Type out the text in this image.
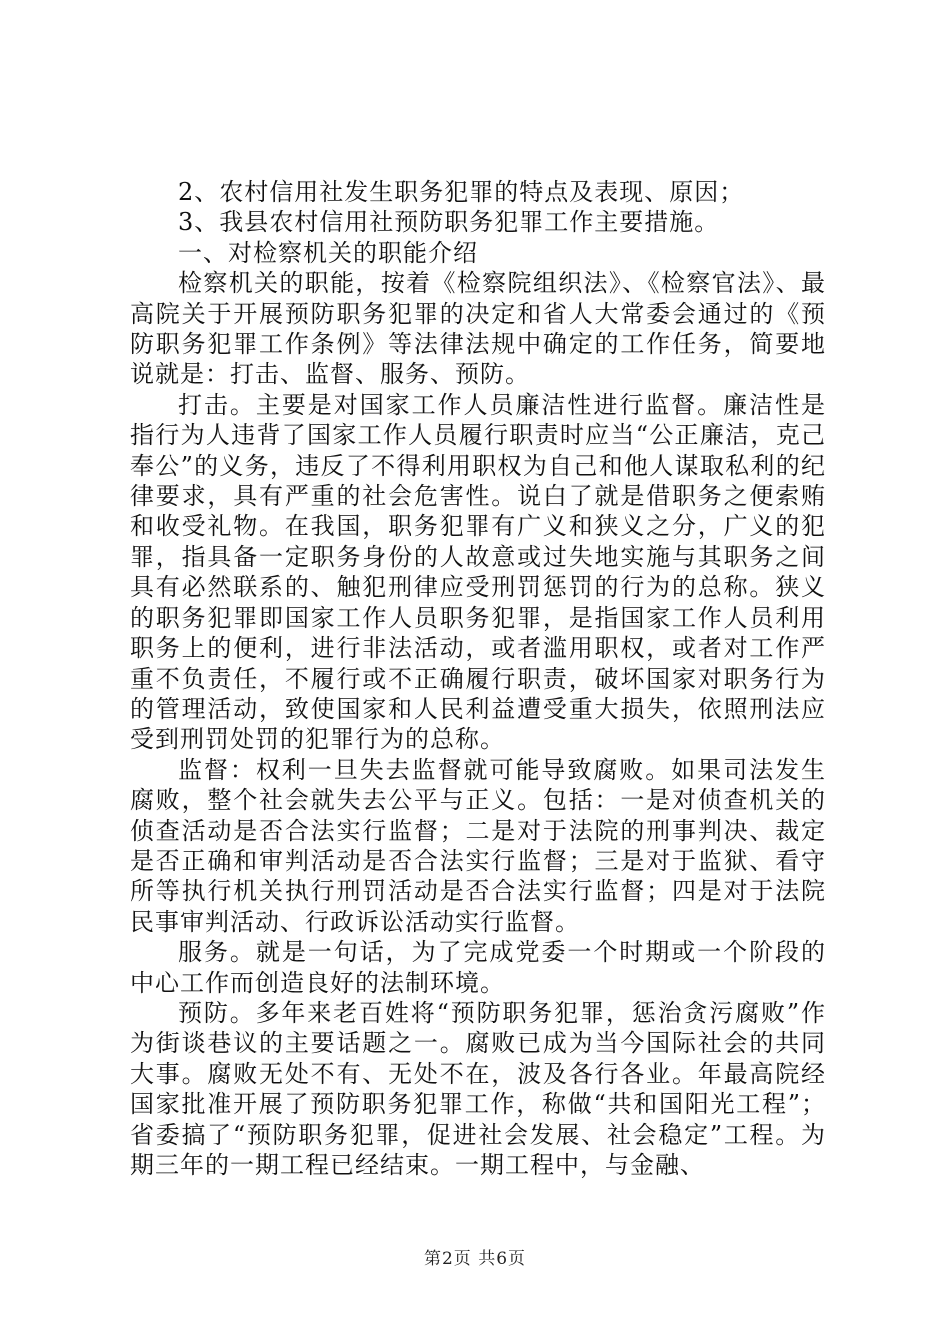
2、农村信用社发生职务犯罪的特点及表现、原因；

3、我县农村信用社预防职务犯罪工作主要措施。

一、对检察机关的职能介绍

检察机关的职能，按着《检察院组织法》、《检察官法》、最高院关于开展预防职务犯罪的决定和省人大常委会通过的《预防职务犯罪工作条例》等法律法规中确定的工作任务，简要地说就是：打击、监督、服务、预防。

打击。主要是对国家工作人员廉洁性进行监督。廉洁性是指行为人违背了国家工作人员履行职责时应当“公正廉洁，克己奉公”的义务，违反了不得利用职权为自己和他人谋取私利的纪律要求，具有严重的社会危害性。说白了就是借职务之便索贿和收受礼物。在我国，职务犯罪有广义和狭义之分，广义的犯罪，指具备一定职务身份的人故意或过失地实施与其职务之间具有必然联系的、触犯刑律应受刑罚惩罚的行为的总称。狭义的职务犯罪即国家工作人员职务犯罪，是指国家工作人员利用职务上的便利，进行非法活动，或者滥用职权，或者对工作严重不负责任，不履行或不正确履行职责，破坏国家对职务行为的管理活动，致使国家和人民利益遭受重大损失，依照刑法应受到刑罚处罚的犯罪行为的总称。

监督：权利一旦失去监督就可能导致腐败。如果司法发生腐败，整个社会就失去公平与正义。包括：一是对侦查机关的侦查活动是否合法实行监督；二是对于法院的刑事判决、裁定是否正确和审判活动是否合法实行监督；三是对于监狱、看守所等执行机关执行刑罚活动是否合法实行监督；四是对于法院民事审判活动、行政诉讼活动实行监督。

服务。就是一句话，为了完成党委一个时期或一个阶段的中心工作而创造良好的法制环境。

预防。多年来老百姓将“预防职务犯罪，惩治贪污腐败”作为街谈巷议的主要话题之一。腐败已成为当今国际社会的共同大事。腐败无处不有、无处不在，波及各行各业。年最高院经国家批准开展了预防职务犯罪工作，称做“共和国阳光工程”；省委搞了“预防职务犯罪，促进社会发展、社会稳定”工程。为期三年的一期工程已经结束。一期工程中，与金融、

第2页 共6页
